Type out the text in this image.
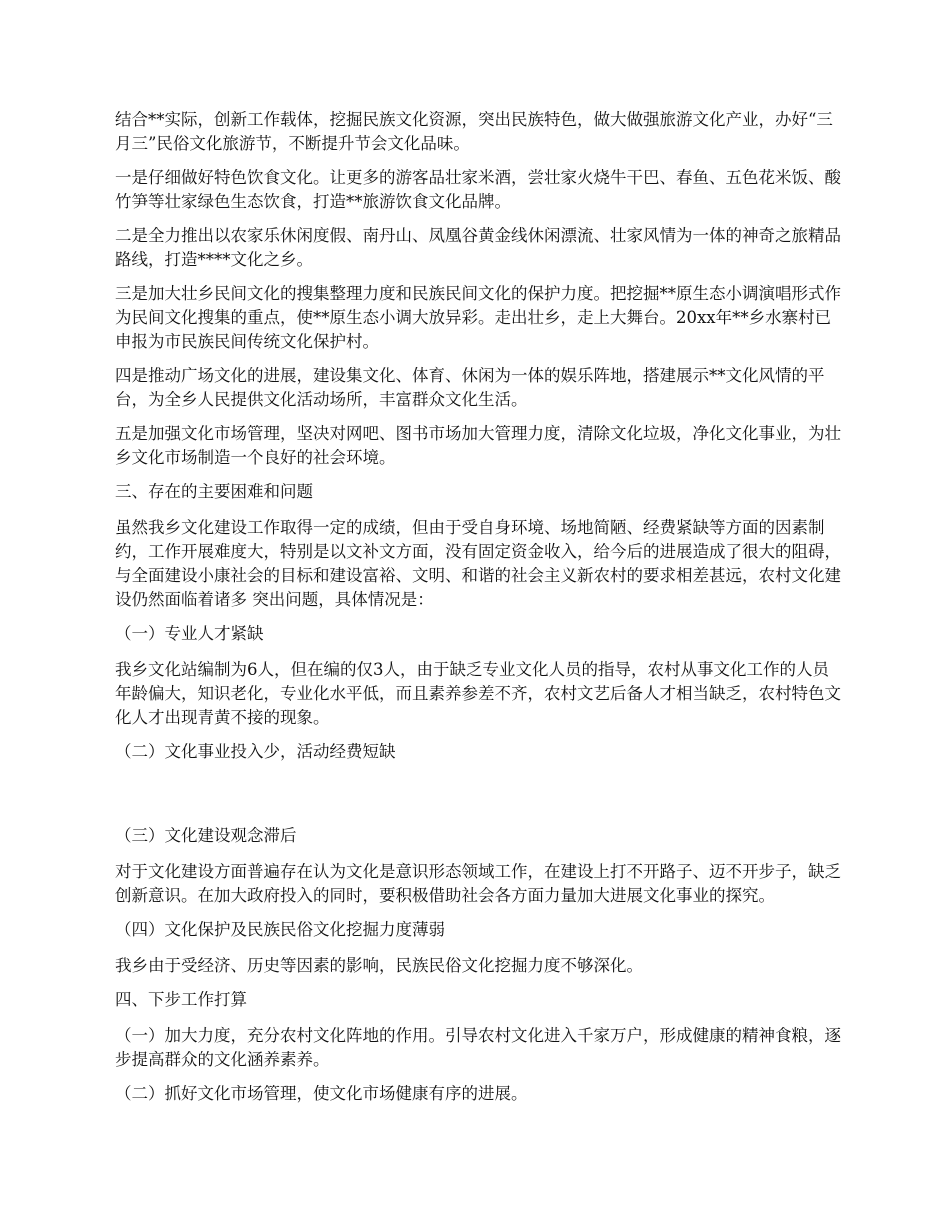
结合**实际，创新工作载体，挖掘民族文化资源，突出民族特色，做大做强旅游文化产业，办好“三月三”民俗文化旅游节，不断提升节会文化品味。

一是仔细做好特色饮食文化。让更多的游客品壮家米酒，尝壮家火烧牛干巴、春鱼、五色花米饭、酸竹笋等壮家绿色生态饮食，打造**旅游饮食文化品牌。

二是全力推出以农家乐休闲度假、南丹山、凤凰谷黄金线休闲漂流、壮家风情为一体的神奇之旅精品路线，打造****文化之乡。

三是加大壮乡民间文化的搜集整理力度和民族民间文化的保护力度。把挖掘**原生态小调演唱形式作为民间文化搜集的重点，使**原生态小调大放异彩。走出壮乡，走上大舞台。20xx年**乡水寨村已申报为市民族民间传统文化保护村。

四是推动广场文化的进展，建设集文化、体育、休闲为一体的娱乐阵地，搭建展示**文化风情的平台，为全乡人民提供文化活动场所，丰富群众文化生活。

五是加强文化市场管理，坚决对网吧、图书市场加大管理力度，清除文化垃圾，净化文化事业，为壮乡文化市场制造一个良好的社会环境。

三、存在的主要困难和问题

虽然我乡文化建设工作取得一定的成绩，但由于受自身环境、场地简陋、经费紧缺等方面的因素制约，工作开展难度大，特别是以文补文方面，没有固定资金收入，给今后的进展造成了很大的阻碍，与全面建设小康社会的目标和建设富裕、文明、和谐的社会主义新农村的要求相差甚远，农村文化建设仍然面临着诸多 突出问题，具体情况是：

（一）专业人才紧缺

我乡文化站编制为6人，但在编的仅3人，由于缺乏专业文化人员的指导，农村从事文化工作的人员年龄偏大，知识老化，专业化水平低，而且素养参差不齐，农村文艺后备人才相当缺乏，农村特色文化人才出现青黄不接的现象。

（二）文化事业投入少，活动经费短缺

（三）文化建设观念滞后

对于文化建设方面普遍存在认为文化是意识形态领域工作，在建设上打不开路子、迈不开步子，缺乏创新意识。在加大政府投入的同时，要积极借助社会各方面力量加大进展文化事业的探究。

（四）文化保护及民族民俗文化挖掘力度薄弱

我乡由于受经济、历史等因素的影响，民族民俗文化挖掘力度不够深化。

四、下步工作打算

（一）加大力度，充分农村文化阵地的作用。引导农村文化进入千家万户，形成健康的精神食粮，逐步提高群众的文化涵养素养。

（二）抓好文化市场管理，使文化市场健康有序的进展。
